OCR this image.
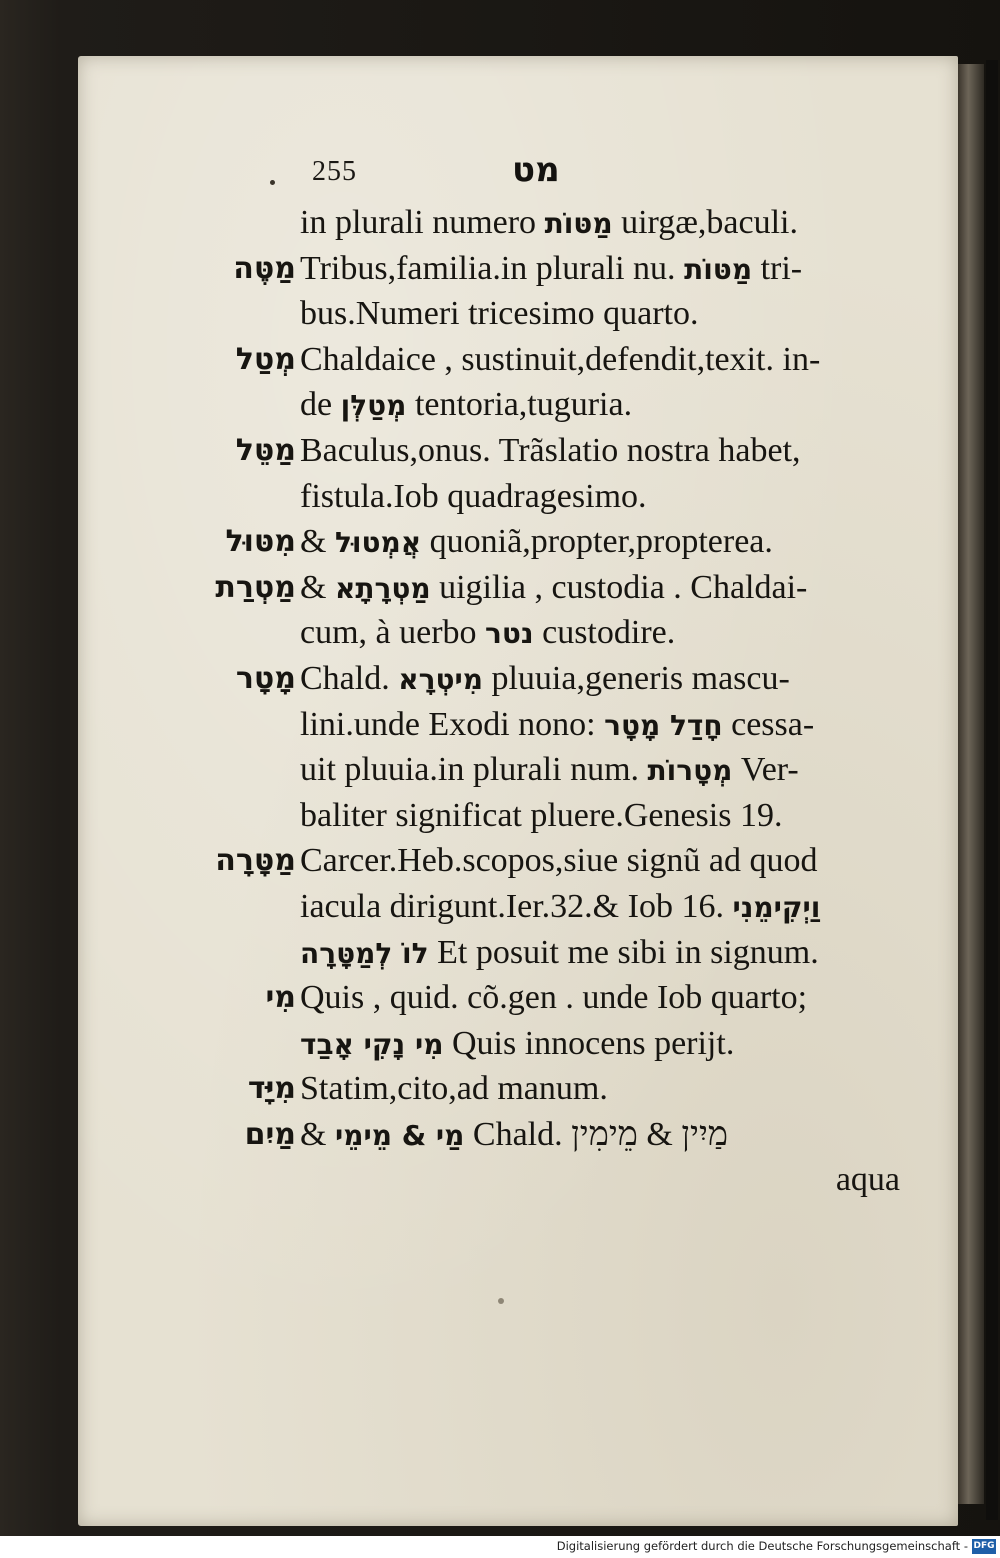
255	מט
in plurali numero מַטּוֹת uirgæ,baculi.
מַטֶּה Tribus,familia.in plurali nu. מַטּוֹת tri-
bus.Numeri tricesimo quarto.
מְטַל Chaldaice , sustinuit,defendit,texit. in-
de מְטַלְּן tentoria,tuguria.
מַטֵּל Baculus,onus. Trãslatio nostra habet,
fistula.Iob quadragesimo.
מִטּוּל & אֲמְטוּל quoniã,propter,propterea.
מַטְרַת & מַטְרָתָא uigilia , custodia . Chaldai-
cum, à uerbo נטר custodire.
מָטָר Chald. מִיטְרָא pluuia,generis mascu-
lini.unde Exodi nono: חָדַל מָטָר cessa-
uit pluuia.in plurali num. מְטָרוֹת Ver-
baliter significat pluere.Genesis 19.
מַטָּרָה Carcer.Heb.scopos,siue signũ ad quod
iacula dirigunt.Ier.32.& Iob 16. וַיְקִימֵנִי
לוֹ לְמַטָּרָה Et posuit me sibi in signum.
מִי Quis , quid. cõ.gen . unde Iob quarto;
מִי נָקִי אָבַד Quis innocens perijt.
מִיָּד Statim,cito,ad manum.
מַיִם & מַי & מֵימֵי Chald. מַיִין & מֵימִין
aqua
Digitalisierung gefördert durch die Deutsche Forschungsgemeinschaft - DFG
